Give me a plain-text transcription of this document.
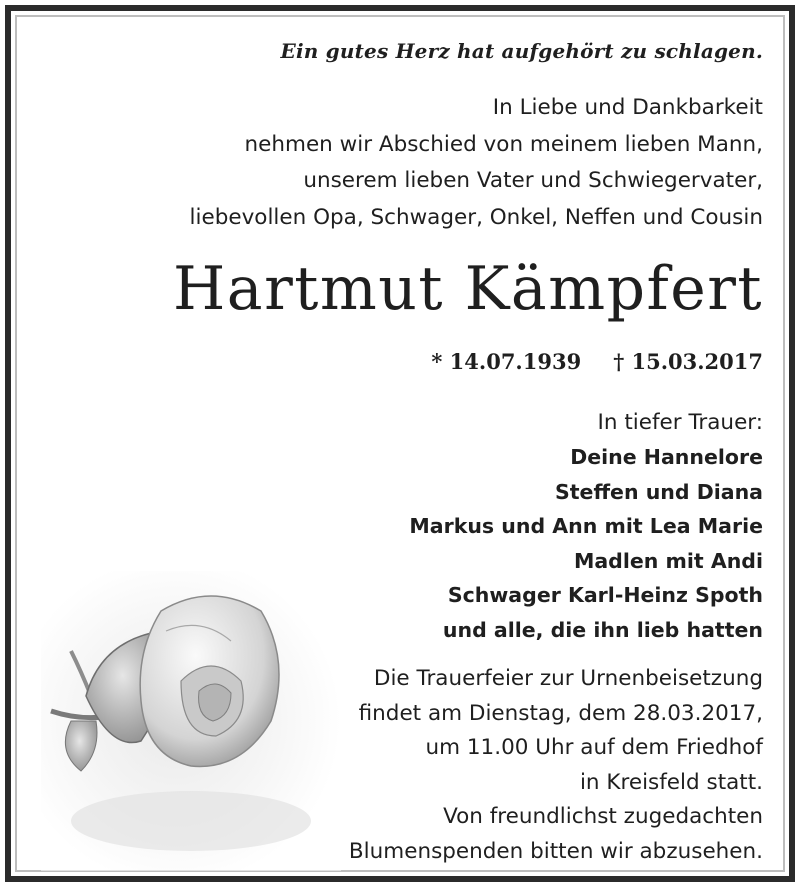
Ein gutes Herz hat aufgehört zu schlagen.
In Liebe und Dankbarkeit
nehmen wir Abschied von meinem lieben Mann,
unserem lieben Vater und Schwiegervater,
liebevollen Opa, Schwager, Onkel, Neffen und Cousin
Hartmut Kämpfert
* 14.07.1939 † 15.03.2017
In tiefer Trauer:
Deine Hannelore
Steffen und Diana
Markus und Ann mit Lea Marie
Madlen mit Andi
Schwager Karl-Heinz Spoth
und alle, die ihn lieb hatten
Die Trauerfeier zur Urnenbeisetzung
findet am Dienstag, dem 28.03.2017,
um 11.00 Uhr auf dem Friedhof
in Kreisfeld statt.
Von freundlichst zugedachten
Blumenspenden bitten wir abzusehen.
